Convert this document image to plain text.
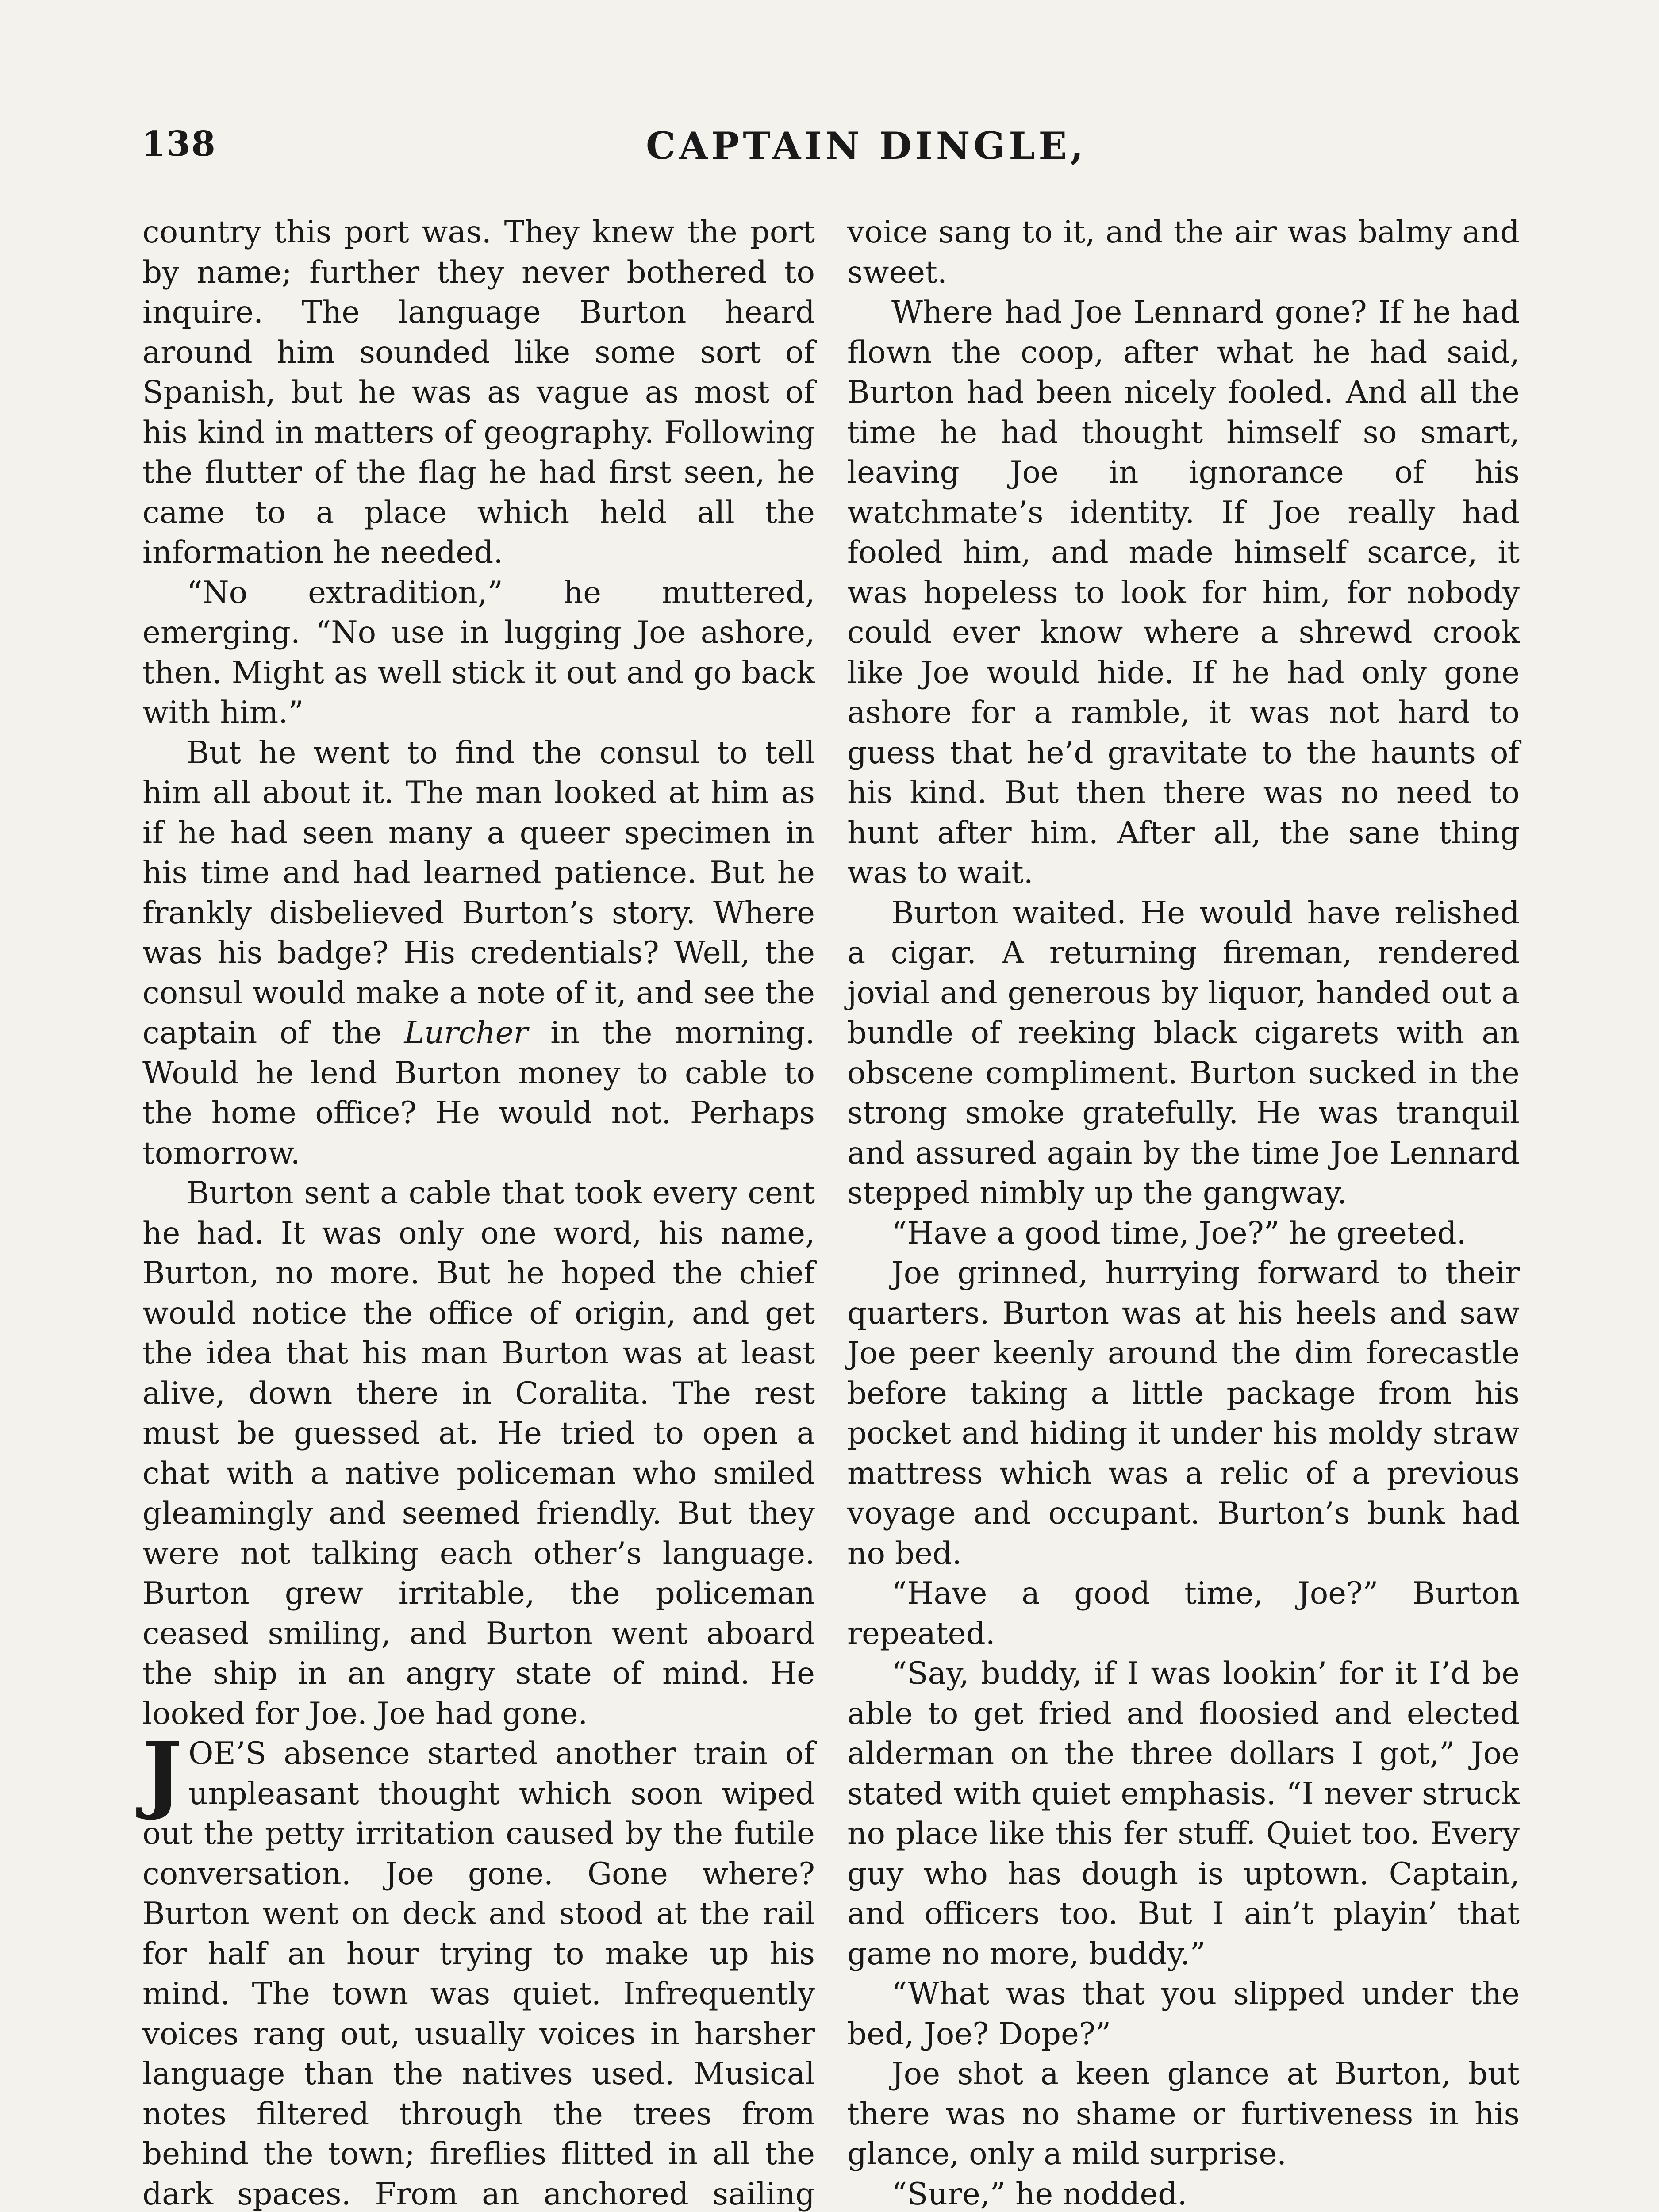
138	CAPTAIN DINGLE,

country this port was. They knew the port by name; further they never bothered to inquire. The language Burton heard around him sounded like some sort of Spanish, but he was as vague as most of his kind in matters of geography. Following the flutter of the flag he had first seen, he came to a place which held all the information he needed.

“No extradition,” he muttered, emerging. “No use in lugging Joe ashore, then. Might as well stick it out and go back with him.”

But he went to find the consul to tell him all about it. The man looked at him as if he had seen many a queer specimen in his time and had learned patience. But he frankly disbelieved Burton’s story. Where was his badge? His credentials? Well, the consul would make a note of it, and see the captain of the Lurcher in the morning. Would he lend Burton money to cable to the home office? He would not. Perhaps tomorrow.

Burton sent a cable that took every cent he had. It was only one word, his name, Burton, no more. But he hoped the chief would notice the office of origin, and get the idea that his man Burton was at least alive, down there in Coralita. The rest must be guessed at. He tried to open a chat with a native policeman who smiled gleamingly and seemed friendly. But they were not talking each other’s language. Burton grew irritable, the policeman ceased smiling, and Burton went aboard the ship in an angry state of mind. He looked for Joe. Joe had gone.

JOE’S absence started another train of unpleasant thought which soon wiped out the petty irritation caused by the futile conversation. Joe gone. Gone where? Burton went on deck and stood at the rail for half an hour trying to make up his mind. The town was quiet. Infrequently voices rang out, usually voices in harsher language than the natives used. Musical notes filtered through the trees from behind the town; fireflies flitted in all the dark spaces. From an anchored sailing

voice sang to it, and the air was balmy and sweet.

Where had Joe Lennard gone? If he had flown the coop, after what he had said, Burton had been nicely fooled. And all the time he had thought himself so smart, leaving Joe in ignorance of his watchmate’s identity. If Joe really had fooled him, and made himself scarce, it was hopeless to look for him, for nobody could ever know where a shrewd crook like Joe would hide. If he had only gone ashore for a ramble, it was not hard to guess that he’d gravitate to the haunts of his kind. But then there was no need to hunt after him. After all, the sane thing was to wait.

Burton waited. He would have relished a cigar. A returning fireman, rendered jovial and generous by liquor, handed out a bundle of reeking black cigarets with an obscene compliment. Burton sucked in the strong smoke gratefully. He was tranquil and assured again by the time Joe Lennard stepped nimbly up the gangway.

“Have a good time, Joe?” he greeted.

Joe grinned, hurrying forward to their quarters. Burton was at his heels and saw Joe peer keenly around the dim forecastle before taking a little package from his pocket and hiding it under his moldy straw mattress which was a relic of a previous voyage and occupant. Burton’s bunk had no bed.

“Have a good time, Joe?” Burton repeated.

“Say, buddy, if I was lookin’ for it I’d be able to get fried and floosied and elected alderman on the three dollars I got,” Joe stated with quiet emphasis. “I never struck no place like this fer stuff. Quiet too. Every guy who has dough is uptown. Captain, and officers too. But I ain’t playin’ that game no more, buddy.”

“What was that you slipped under the bed, Joe? Dope?”

Joe shot a keen glance at Burton, but there was no shame or furtiveness in his glance, only a mild surprise.

“Sure,” he nodded.
